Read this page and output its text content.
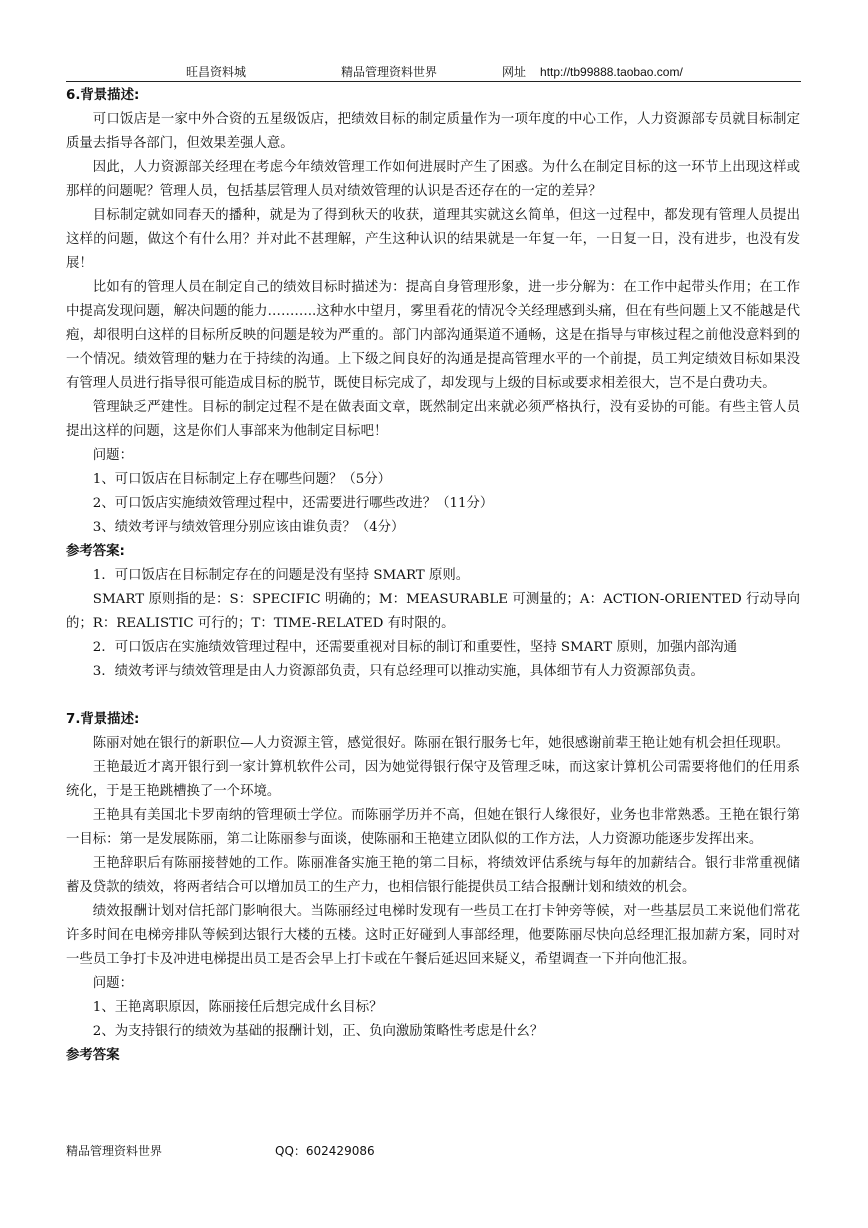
旺昌资料城	精品管理资料世界	网址 http://tb99888.taobao.com/
6.背景描述:

可口饭店是一家中外合资的五星级饭店，把绩效目标的制定质量作为一项年度的中心工作，人力资源部专员就目标制定质量去指导各部门，但效果差强人意。

因此，人力资源部关经理在考虑今年绩效管理工作如何进展时产生了困惑。为什么在制定目标的这一环节上出现这样或那样的问题呢？管理人员，包括基层管理人员对绩效管理的认识是否还存在的一定的差异？

目标制定就如同春天的播种，就是为了得到秋天的收获，道理其实就这幺简单，但这一过程中，都发现有管理人员提出这样的问题，做这个有什么用？并对此不甚理解，产生这种认识的结果就是一年复一年，一日复一日，没有进步，也没有发展！

比如有的管理人员在制定自己的绩效目标时描述为：提高自身管理形象，进一步分解为：在工作中起带头作用；在工作中提高发现问题，解决问题的能力………..这种水中望月，雾里看花的情况令关经理感到头痛，但在有些问题上又不能越是代疱，却很明白这样的目标所反映的问题是较为严重的。部门内部沟通渠道不通畅，这是在指导与审核过程之前他没意料到的一个情况。绩效管理的魅力在于持续的沟通。上下级之间良好的沟通是提高管理水平的一个前提，员工判定绩效目标如果没有管理人员进行指导很可能造成目标的脱节，既使目标完成了，却发现与上级的目标或要求相差很大，岂不是白费功夫。

管理缺乏严建性。目标的制定过程不是在做表面文章，既然制定出来就必须严格执行，没有妥协的可能。有些主管人员提出这样的问题，这是你们人事部来为他制定目标吧！

问题：

1、可口饭店在目标制定上存在哪些问题？（5分）

2、可口饭店实施绩效管理过程中，还需要进行哪些改进？（11分）

3、绩效考评与绩效管理分别应该由谁负责？（4分）

参考答案:

1．可口饭店在目标制定存在的问题是没有坚持 SMART 原则。

SMART 原则指的是：S：SPECIFIC 明确的；M：MEASURABLE 可测量的；A：ACTION-ORIENTED 行动导向的；R：REALISTIC 可行的；T：TIME-RELATED 有时限的。

2．可口饭店在实施绩效管理过程中，还需要重视对目标的制订和重要性，坚持 SMART 原则，加强内部沟通

3．绩效考评与绩效管理是由人力资源部负责，只有总经理可以推动实施，具体细节有人力资源部负责。

7.背景描述:

陈丽对她在银行的新职位—人力资源主管，感觉很好。陈丽在银行服务七年，她很感谢前辈王艳让她有机会担任现职。

王艳最近才离开银行到一家计算机软件公司，因为她觉得银行保守及管理乏味，而这家计算机公司需要将他们的任用系统化，于是王艳跳槽换了一个环境。

王艳具有美国北卡罗南纳的管理硕士学位。而陈丽学历并不高，但她在银行人缘很好，业务也非常熟悉。王艳在银行第一目标：第一是发展陈丽，第二让陈丽参与面谈，使陈丽和王艳建立团队似的工作方法，人力资源功能逐步发挥出来。

王艳辞职后有陈丽接替她的工作。陈丽准备实施王艳的第二目标，将绩效评估系统与每年的加薪结合。银行非常重视储蓄及贷款的绩效，将两者结合可以增加员工的生产力，也相信银行能提供员工结合报酬计划和绩效的机会。

绩效报酬计划对信托部门影响很大。当陈丽经过电梯时发现有一些员工在打卡钟旁等候，对一些基层员工来说他们常花许多时间在电梯旁排队等候到达银行大楼的五楼。这时正好碰到人事部经理，他要陈丽尽快向总经理汇报加薪方案，同时对一些员工争打卡及冲进电梯提出员工是否会早上打卡或在午餐后延迟回来疑义，希望调查一下并向他汇报。

问题：

1、王艳离职原因，陈丽接任后想完成什幺目标？

2、为支持银行的绩效为基础的报酬计划，正、负向激励策略性考虑是什幺？

参考答案
精品管理资料世界	QQ：602429086
